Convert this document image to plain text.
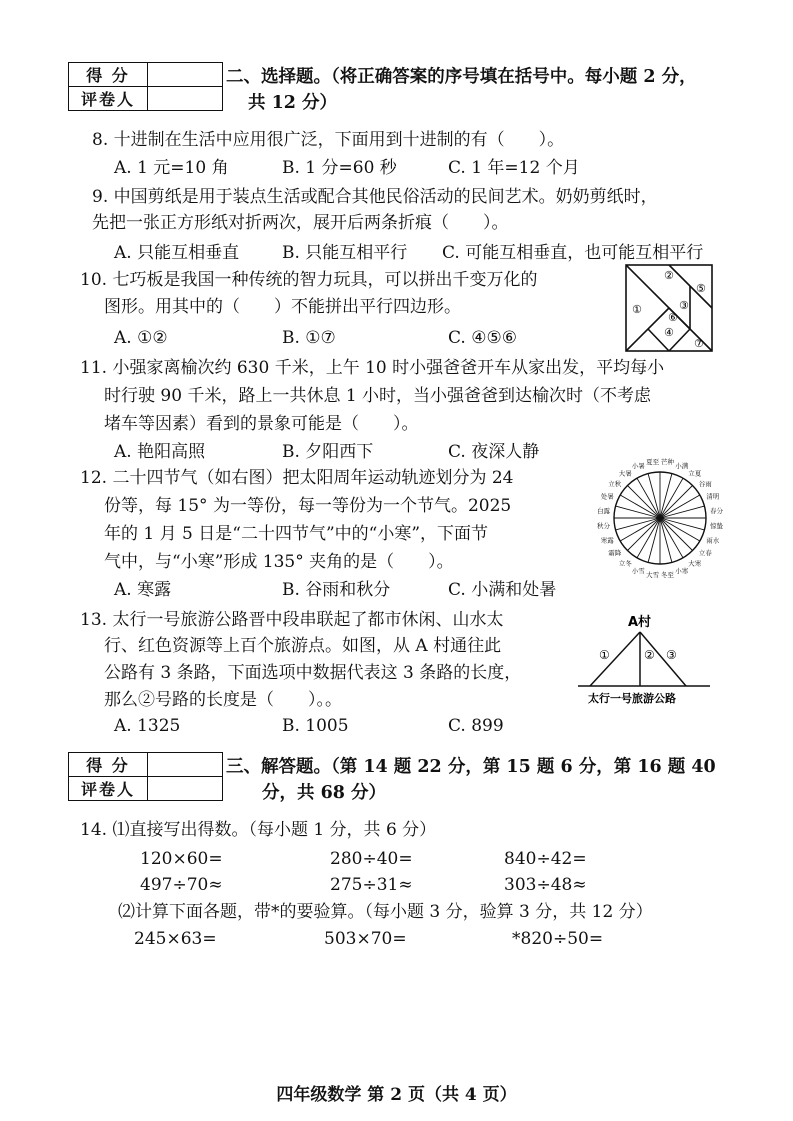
得 分	
评卷人	
二、选择题。（将正确答案的序号填在括号中。每小题 2 分，
共 12 分）
8. 十进制在生活中应用很广泛，下面用到十进制的有（　　）。
A. 1 元=10 角	B. 1 分=60 秒	C. 1 年=12 个月
9. 中国剪纸是用于装点生活或配合其他民俗活动的民间艺术。奶奶剪纸时，
先把一张正方形纸对折两次，展开后两条折痕（　　）。
A. 只能互相垂直	B. 只能互相平行 C. 可能互相垂直，也可能互相平行
10. 七巧板是我国一种传统的智力玩具，可以拼出千变万化的
图形。用其中的（　　）不能拼出平行四边形。
A. ①②	B. ①⑦	C. ④⑤⑥
①
②
③
④
⑤
⑥
⑦
11. 小强家离榆次约 630 千米，上午 10 时小强爸爸开车从家出发，平均每小
时行驶 90 千米，路上一共休息 1 小时，当小强爸爸到达榆次时（不考虑
堵车等因素）看到的景象可能是（　　）。
A. 艳阳高照	B. 夕阳西下	C. 夜深人静
12. 二十四节气（如右图）把太阳周年运动轨迹划分为 24
份等，每 15° 为一等份，每一等份为一个节气。2025
年的 1 月 5 日是“二十四节气”中的“小寒”，下面节
气中，与“小寒”形成 135° 夹角的是（　　）。
A. 寒露	B. 谷雨和秋分	C. 小满和处暑
春分
清明
谷雨
立夏
小满
芒种
夏至
小暑
大暑
立秋
处暑
白露
秋分
寒露
霜降
立冬
小雪 大雪 冬至 小寒
大寒
立春
雨水
惊蛰
13. 太行一号旅游公路晋中段串联起了都市休闲、山水太
行、红色资源等上百个旅游点。如图，从 A 村通往此
公路有 3 条路，下面选项中数据代表这 3 条路的长度，
那么②号路的长度是（　　）。。
A. 1325	B. 1005	C. 899
A村
①	② ③
太行一号旅游公路
得 分	
评卷人	
三、解答题。（第 14 题 22 分，第 15 题 6 分，第 16 题 40
分，共 68 分）
14. ⑴直接写出得数。（每小题 1 分，共 6 分）
120×60=	280÷40=	840÷42=
497÷70≈	275÷31≈	303÷48≈
⑵计算下面各题，带*的要验算。（每小题 3 分，验算 3 分，共 12 分）
245×63=	503×70=	*820÷50=
四年级数学 第 2 页（共 4 页）
